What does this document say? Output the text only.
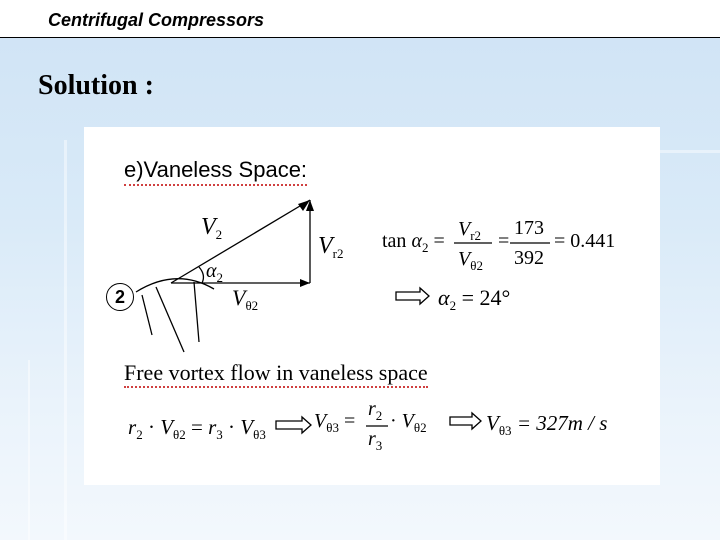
Centrifugal Compressors
Solution :
e)Vaneless Space:
2
$V_2$	$V_{r2}$
$\alpha_2$
$V_{\theta 2}$
$\tan \alpha_2$ =
$V_{r2}$
$V_{\theta 2}$
=
173
392
= 0.441
$\alpha_2 = 24^\circ$
Free vortex flow in vaneless space
$r_2 \cdot V_{\theta 2} = r_3 \cdot V_{\theta 3}$
$V_{\theta 3}$ =
$r_2$
$r_3$
· $V_{\theta 2}$	$V_{\theta 3} = 327m / s$
